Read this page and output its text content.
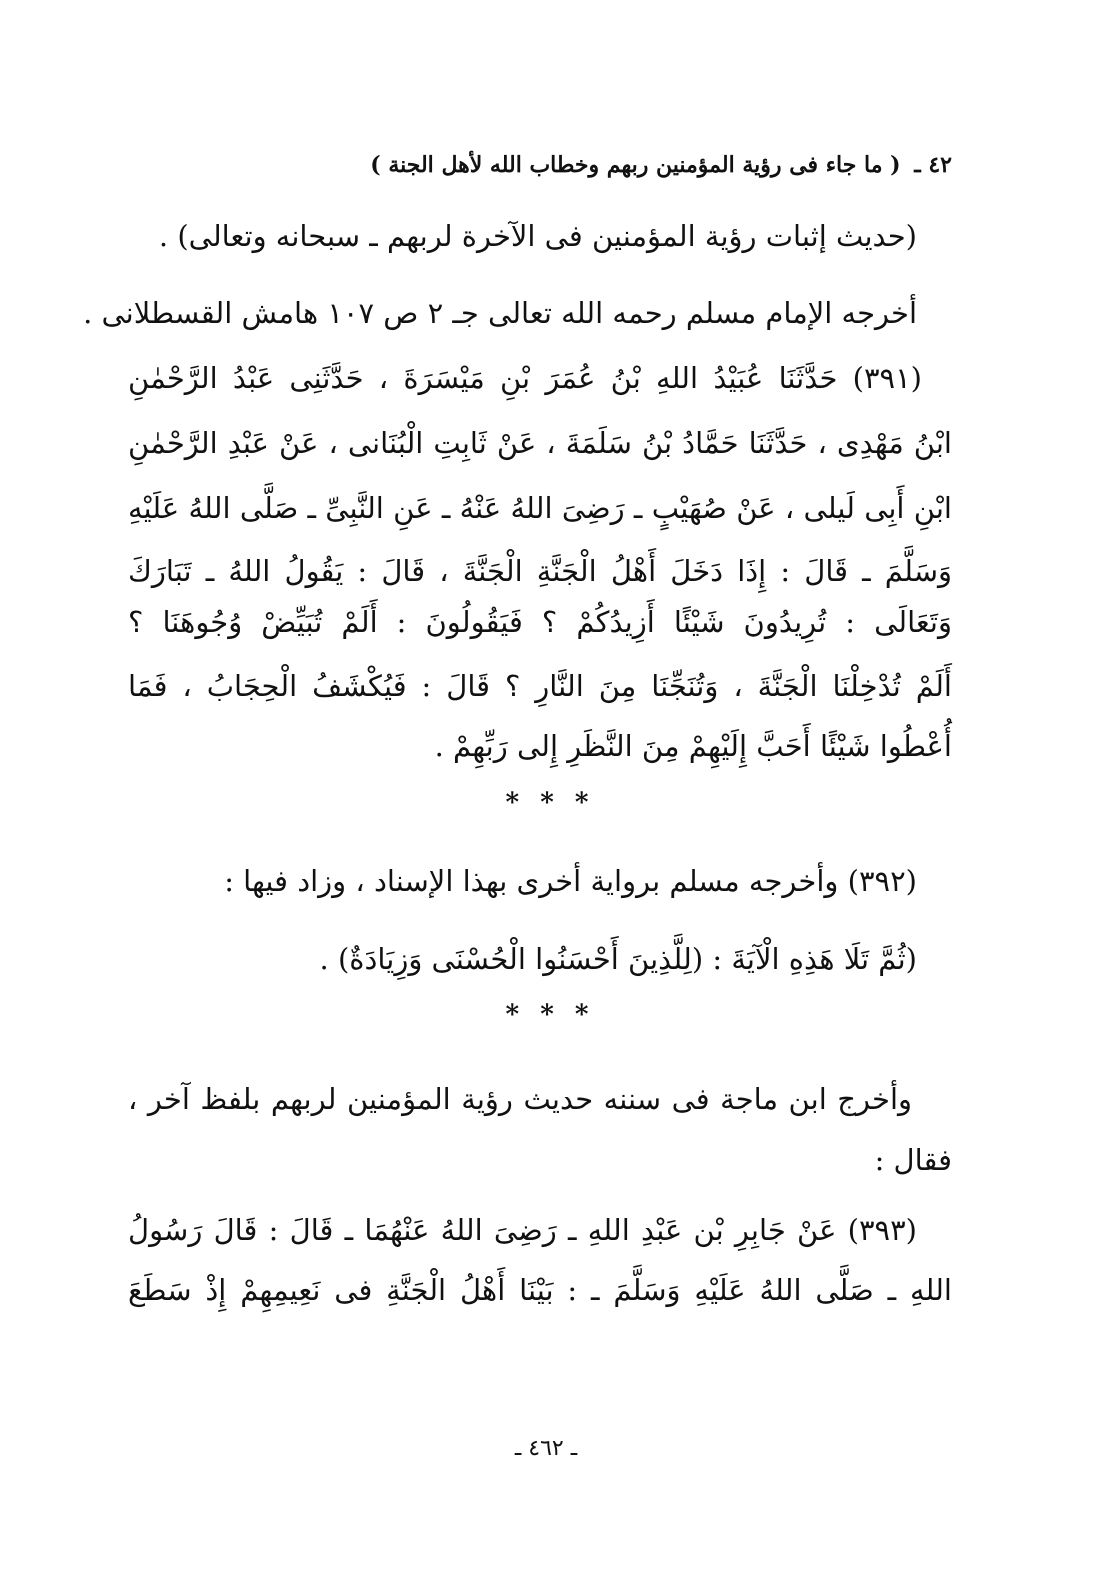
٤٢ ـ ( ما جاء فى رؤية المؤمنين ربهم وخطاب الله لأهل الجنة )
(حديث إثبات رؤية المؤمنين فى الآخرة لربهم ـ سبحانه وتعالى) .
أخرجه الإمام مسلم رحمه الله تعالى جـ ٢ ص ١٠٧ هامش القسطلانى .
(٣٩١) حَدَّثَنَا عُبَيْدُ اللهِ بْنُ عُمَرَ بْنِ مَيْسَرَةَ ، حَدَّثَنِى عَبْدُ الرَّحْمٰنِ
ابْنُ مَهْدِى ، حَدَّثَنَا حَمَّادُ بْنُ سَلَمَةَ ، عَنْ ثَابِتِ الْبُنَانى ، عَنْ عَبْدِ الرَّحْمٰنِ
ابْنِ أَبِى لَيلى ، عَنْ صُهَيْبٍ ـ رَضِىَ اللهُ عَنْهُ ـ عَنِ النَّبِىِّ ـ صَلَّى اللهُ عَلَيْهِ
وَسَلَّمَ ـ قَالَ : إِذَا دَخَلَ أَهْلُ الْجَنَّةِ الْجَنَّةَ ، قَالَ : يَقُولُ اللهُ ـ تَبَارَكَ
وَتَعَالَى : تُرِيدُونَ شَيْئًا أَزِيدُكُمْ ؟ فَيَقُولُونَ : أَلَمْ تُبَيِّضْ وُجُوهَنَا ؟
أَلَمْ تُدْخِلْنَا الْجَنَّةَ ، وَتُنَجِّنَا مِنَ النَّارِ ؟ قَالَ : فَيُكْشَفُ الْحِجَابُ ، فَمَا
أُعْطُوا شَيْئًا أَحَبَّ إِلَيْهِمْ مِنَ النَّظَرِ إِلى رَبِّهِمْ .
* * *
(٣٩٢) وأخرجه مسلم برواية أخرى بهذا الإسناد ، وزاد فيها :
(ثُمَّ تَلَا هَذِهِ الْآيَةَ : (لِلَّذِينَ أَحْسَنُوا الْحُسْنَى وَزِيَادَةٌ) .
* * *
وأخرج ابن ماجة فى سننه حديث رؤية المؤمنين لربهم بلفظ آخر ،
فقال :
(٣٩٣) عَنْ جَابِرِ بْن عَبْدِ اللهِ ـ رَضِىَ اللهُ عَنْهُمَا ـ قَالَ : قَالَ رَسُولُ
اللهِ ـ صَلَّى اللهُ عَلَيْهِ وَسَلَّمَ ـ : بَيْنَا أَهْلُ الْجَنَّةِ فى نَعِيمِهِمْ إِذْ سَطَعَ
ـ ٤٦٢ ـ
